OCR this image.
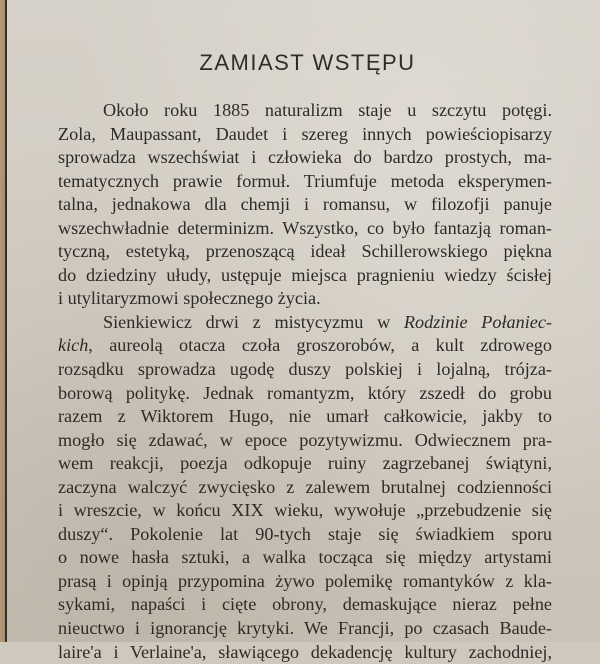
ZAMIAST WSTĘPU
Około roku 1885 naturalizm staje u szczytu potęgi.
Zola, Maupassant, Daudet i szereg innych powieściopisarzy
sprowadza wszechświat i człowieka do bardzo prostych, ma-
tematycznych prawie formuł. Triumfuje metoda eksperymen-
talna, jednakowa dla chemji i romansu, w filozofji panuje
wszechwładnie determinizm. Wszystko, co było fantazją roman-
tyczną, estetyką, przenoszącą ideał Schillerowskiego piękna
do dziedziny ułudy, ustępuje miejsca pragnieniu wiedzy ścisłej
i utylitaryzmowi społecznego życia.
Sienkiewicz drwi z mistycyzmu w Rodzinie Połaniec-
kich, aureolą otacza czoła groszorobów, a kult zdrowego
rozsądku sprowadza ugodę duszy polskiej i lojalną, trójza-
borową politykę. Jednak romantyzm, który zszedł do grobu
razem z Wiktorem Hugo, nie umarł całkowicie, jakby to
mogło się zdawać, w epoce pozytywizmu. Odwiecznem pra-
wem reakcji, poezja odkopuje ruiny zagrzebanej świątyni,
zaczyna walczyć zwycięsko z zalewem brutalnej codzienności
i wreszcie, w końcu XIX wieku, wywołuje „przebudzenie się
duszy“. Pokolenie lat 90-tych staje się świadkiem sporu
o nowe hasła sztuki, a walka tocząca się między artystami
prasą i opinją przypomina żywo polemikę romantyków z kla-
sykami, napaści i cięte obrony, demaskujące nieraz pełne
nieuctwo i ignorancję krytyki. We Francji, po czasach Baude-
laire'a i Verlaine'a, sławiącego dekadencję kultury zachodniej,
